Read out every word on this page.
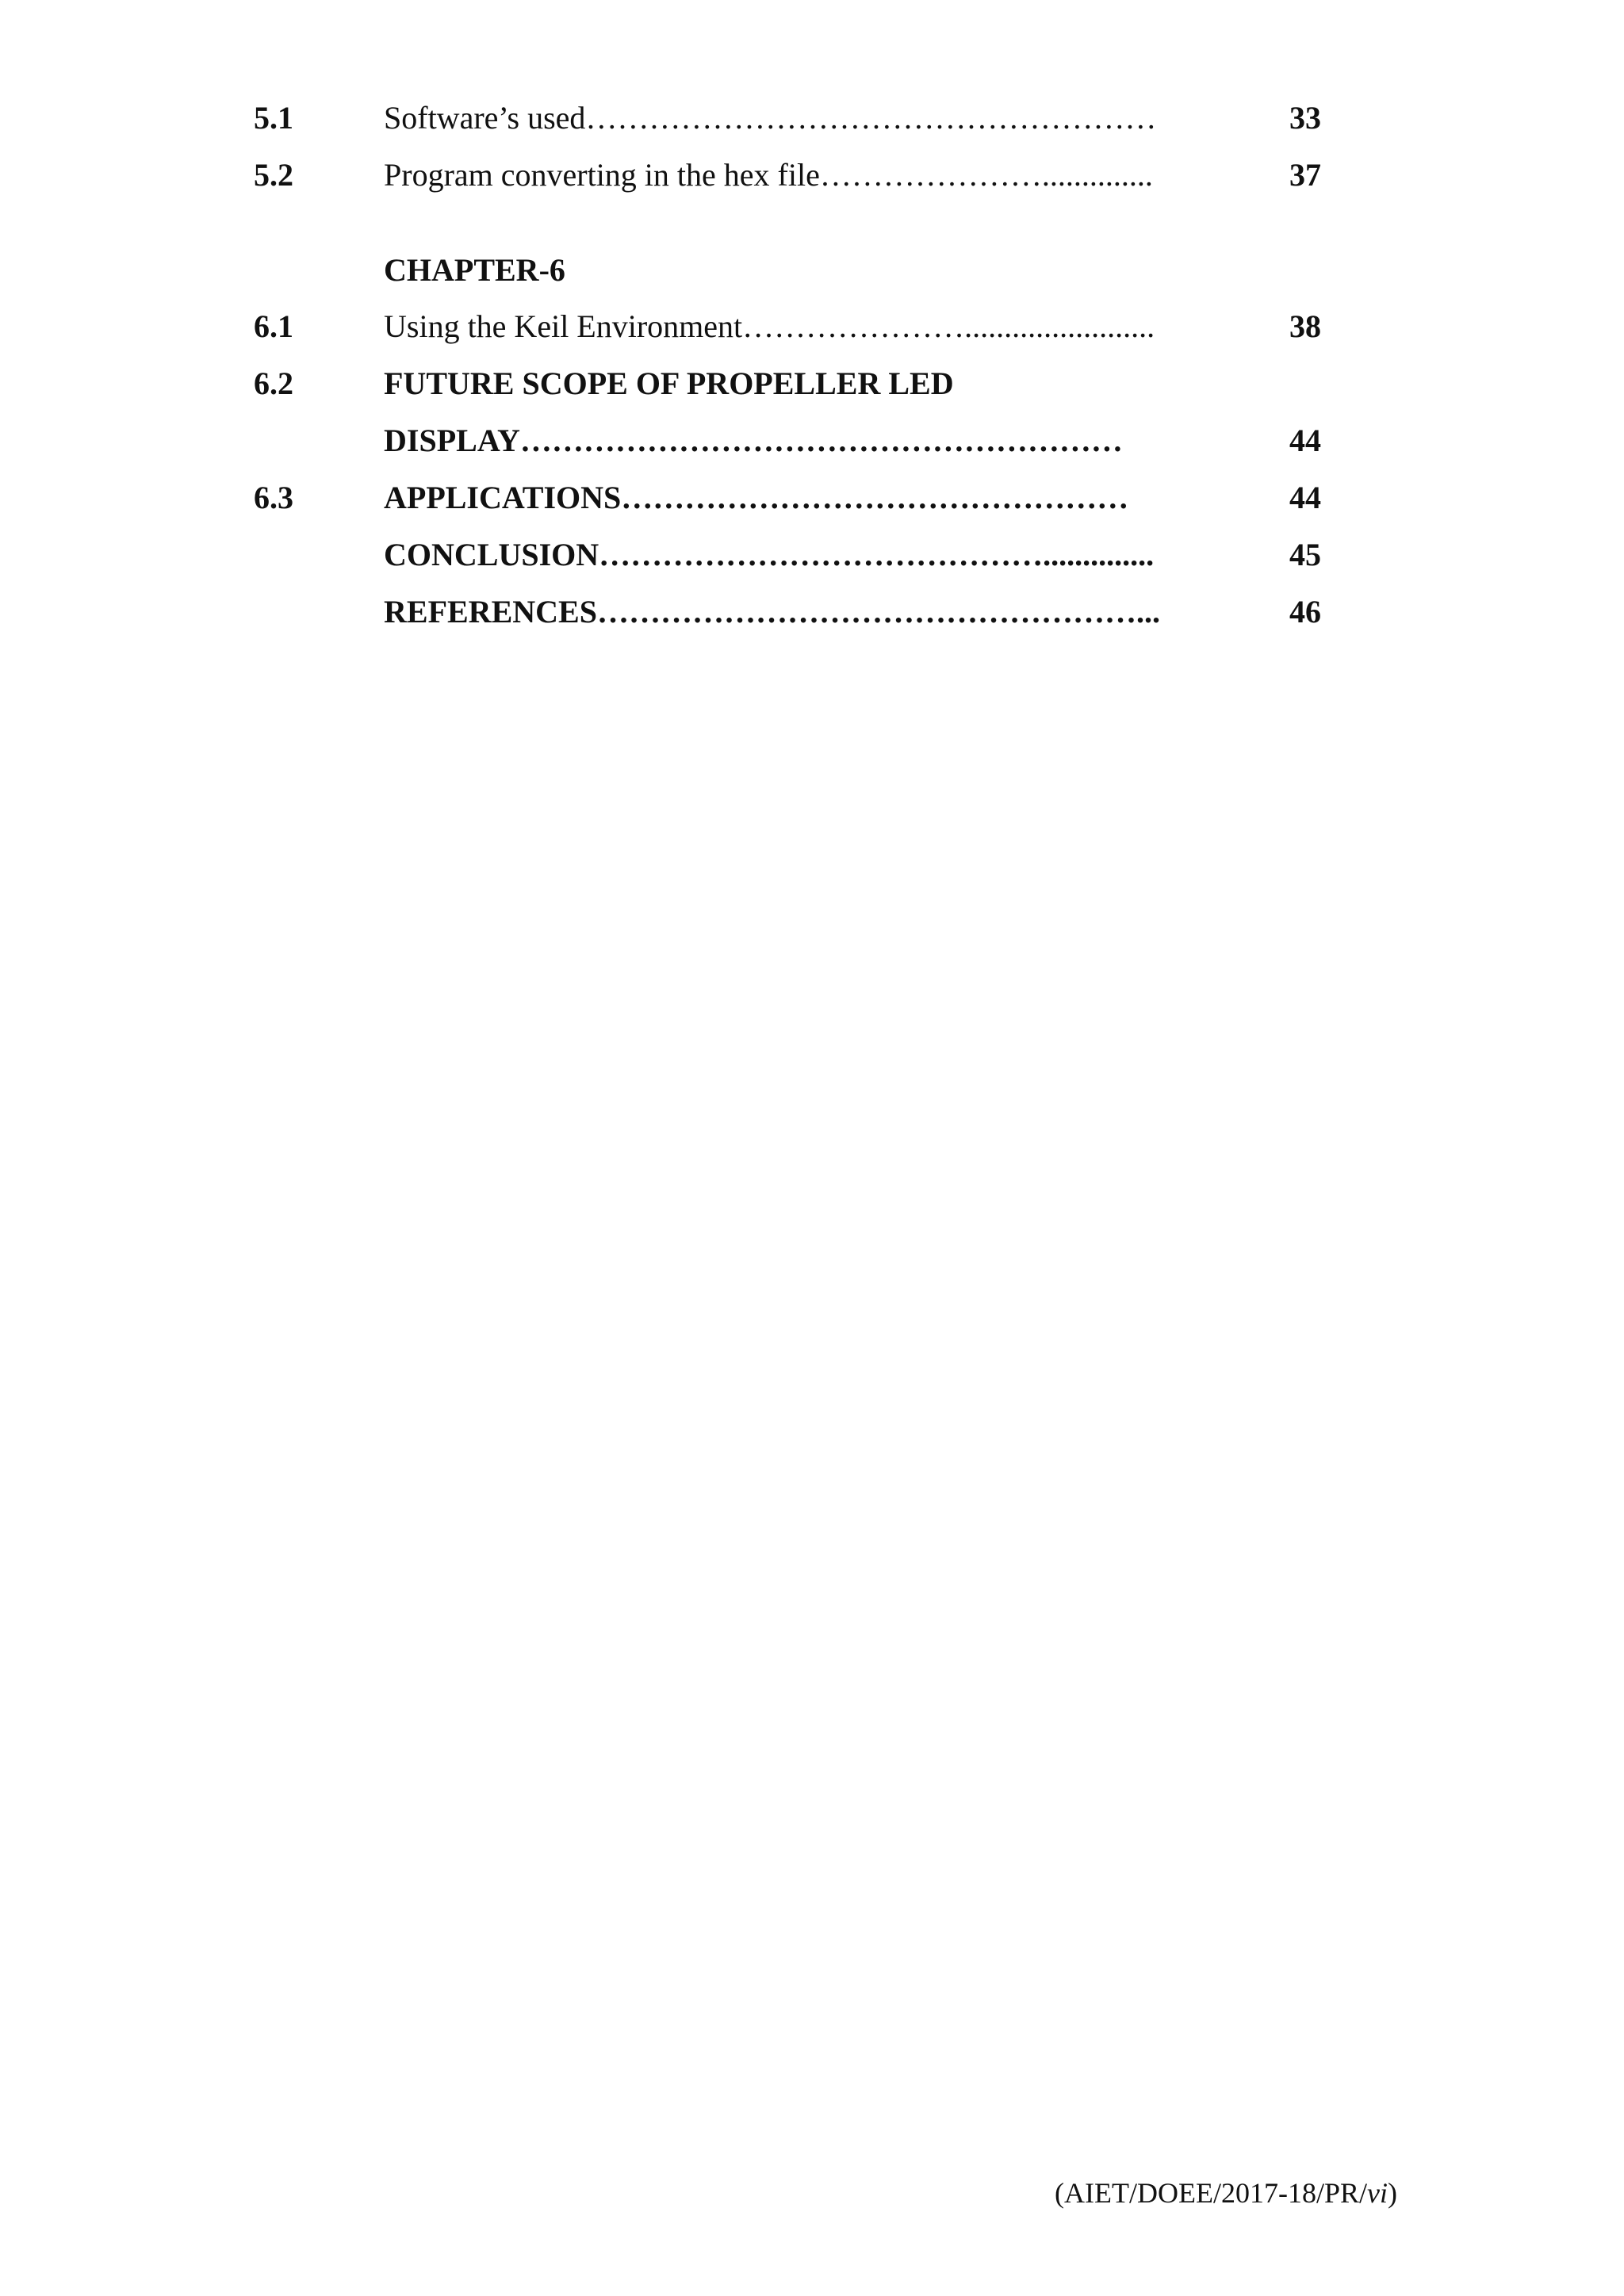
5.1	Software’s used………………………………………………	33
5.2	Program converting in the hex file…………………..............	37
CHAPTER-6
6.1	Using the Keil Environment…………………........................	38
6.2	FUTURE SCOPE OF PROPELLER LED
DISPLAY…………………………………………………	44
6.3	APPLICATIONS…………………………………………	44
CONCLUSION……………………………………..............	45
REFERENCES……………………………………………...	46
(AIET/DOEE/2017-18/PR/vi)
